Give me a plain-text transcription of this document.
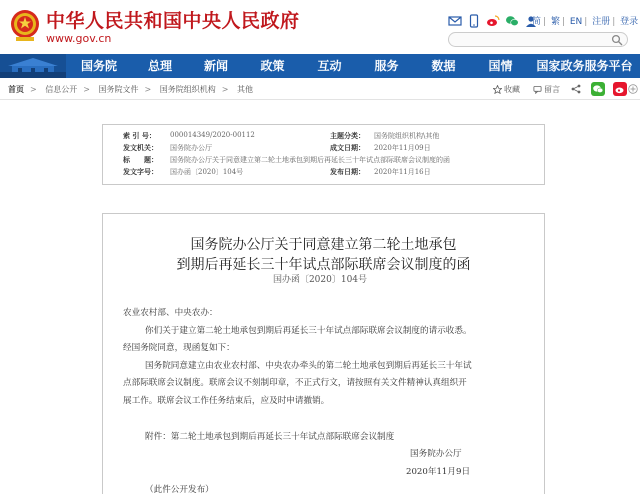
中华人民共和国中央人民政府
www.gov.cn
简 | 繁 | EN | 注册 | 登录
国务院	总理	新闻	政策	互动	服务	数据	国情	国家政务服务平台
首页 > 信息公开 > 国务院文件 > 国务院组织机构 > 其他	收藏	留言
索 引 号： 000014349/2020-00112	主题分类： 国务院组织机构\其他
发文机关： 国务院办公厅	成文日期： 2020年11月09日
标　　题： 国务院办公厅关于同意建立第二轮土地承包到期后再延长三十年试点部际联席会议制度的函
发文字号： 国办函〔2020〕104号	发布日期： 2020年11月16日
国务院办公厅关于同意建立第二轮土地承包
到期后再延长三十年试点部际联席会议制度的函
国办函〔2020〕104号
农业农村部、中央农办：
你们关于建立第二轮土地承包到期后再延长三十年试点部际联席会议制度的请示收悉。
经国务院同意，现函复如下：
国务院同意建立由农业农村部、中央农办牵头的第二轮土地承包到期后再延长三十年试
点部际联席会议制度。联席会议不刻制印章，不正式行文，请按照有关文件精神认真组织开
展工作。联席会议工作任务结束后，应及时申请撤销。
附件：第二轮土地承包到期后再延长三十年试点部际联席会议制度
国务院办公厅
2020年11月9日
（此件公开发布）
